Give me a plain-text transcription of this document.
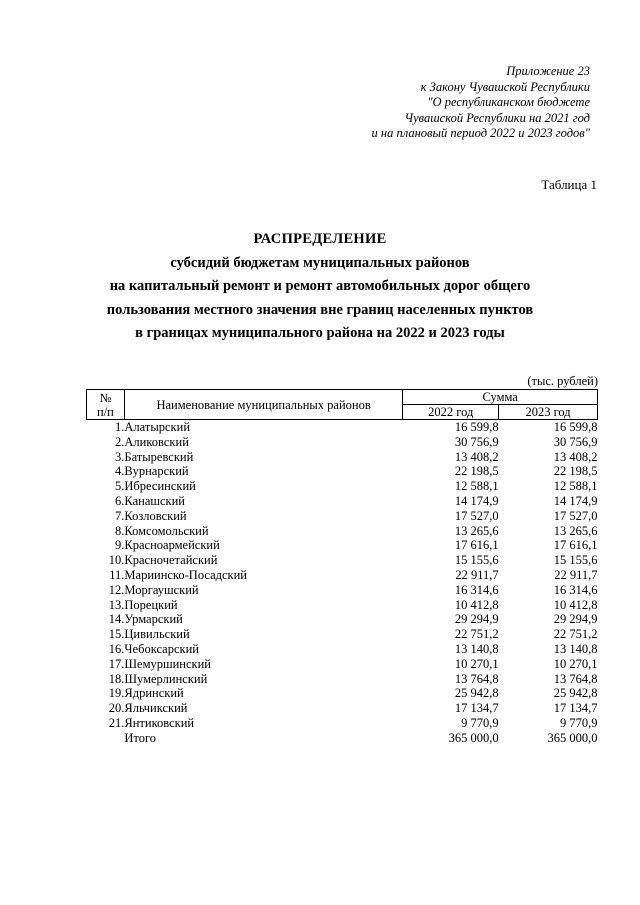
Приложение 23
к Закону Чувашской Республики
"О республиканском бюджете
Чувашской Республики на 2021 год
и на плановый период 2022 и 2023 годов"
Таблица 1
РАСПРЕДЕЛЕНИЕ
субсидий бюджетам муниципальных районов
на капитальный ремонт и ремонт автомобильных дорог общего
пользования местного значения вне границ населенных пунктов
в границах муниципального района на 2022 и 2023 годы
(тыс. рублей)
№
п/п	Наименование муниципальных районов	Сумма	
		2022 год	2023 год
1.	Алатырский	16 599,8	16 599,8
2.	Аликовский	30 756,9	30 756,9
3.	Батыревский	13 408,2	13 408,2
4.	Вурнарский	22 198,5	22 198,5
5.	Ибресинский	12 588,1	12 588,1
6.	Канашский	14 174,9	14 174,9
7.	Козловский	17 527,0	17 527,0
8.	Комсомольский	13 265,6	13 265,6
9.	Красноармейский	17 616,1	17 616,1
10.	Красночетайский	15 155,6	15 155,6
11.	Мариинско-Посадский	22 911,7	22 911,7
12.	Моргаушский	16 314,6	16 314,6
13.	Порецкий	10 412,8	10 412,8
14.	Урмарский	29 294,9	29 294,9
15.	Цивильский	22 751,2	22 751,2
16.	Чебоксарский	13 140,8	13 140,8
17.	Шемуршинский	10 270,1	10 270,1
18.	Шумерлинский	13 764,8	13 764,8
19.	Ядринский	25 942,8	25 942,8
20.	Яльчикский	17 134,7	17 134,7
21.	Янтиковский	9 770,9	9 770,9
	Итого	365 000,0	365 000,0
